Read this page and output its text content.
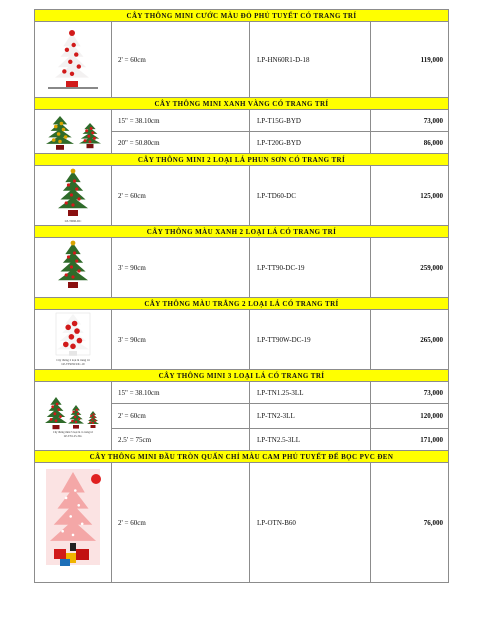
CÂY THÔNG MINI CƯỚC MÀU ĐỎ PHỦ TUYẾT CÓ TRANG TRÍ			

	2' = 60cm	LP-HN60R1-D-18	119,000
CÂY THÔNG MINI XANH VÀNG CÓ TRANG TRÍ			

	15" = 38.10cm	LP-T15G-BYD	73,000
	20" = 50.80cm	LP-T20G-BYD	86,000
CÂY THÔNG MINI 2 LOẠI LÁ PHUN SƠN CÓ TRANG TRÍ			

LP-TD60-DC	2' = 60cm	LP-TD60-DC	125,000
CÂY THÔNG MÀU XANH 2 LOẠI LÁ CÓ TRANG TRÍ			

	3' = 90cm	LP-TT90-DC-19	259,000
CÂY THÔNG MÀU TRẮNG 2 LOẠI LÁ CÓ TRANG TRÍ			

Cây thông 2 loại lá trang trí
LP-TT90W-DC-19	3' = 90cm	LP-TT90W-DC-19	265,000
CÂY THÔNG MINI 3 LOẠI LÁ CÓ TRANG TRÍ			

Cây thông mini 3 loại lá có trang trí
LP-TN1.25-3LL	15" = 38.10cm	LP-TN1.25-3LL	73,000
	2' = 60cm	LP-TN2-3LL	120,000
	2.5' = 75cm	LP-TN2.5-3LL	171,000
CÂY THÔNG MINI ĐẦU TRÒN QUẤN CHỈ MÀU CAM PHỦ TUYẾT ĐẾ BỌC PVC ĐEN			

	2' = 60cm	LP-OTN-B60	76,000
